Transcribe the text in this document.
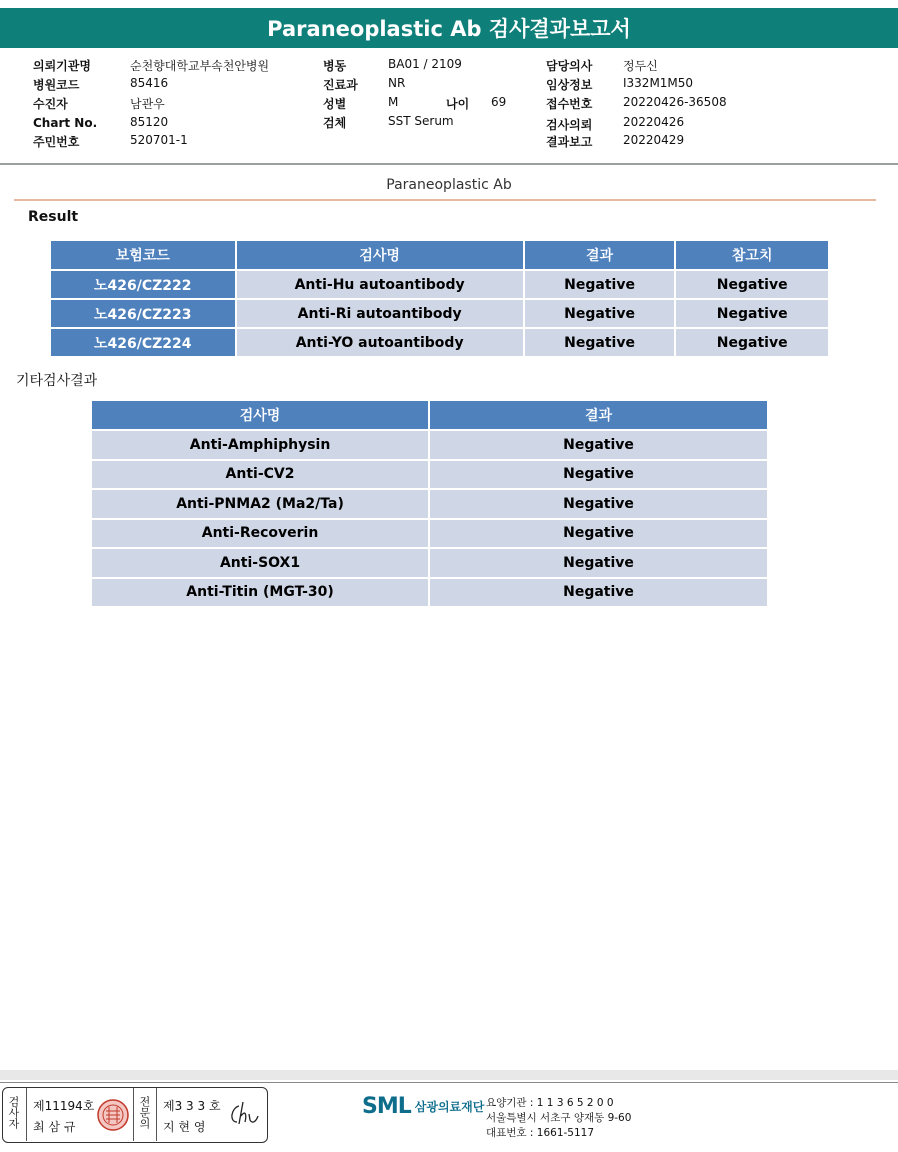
Paraneoplastic Ab 검사결과보고서
의뢰기관명	순천향대학교부속천안병원
병원코드	85416
수진자	남관우
Chart No.	85120
주민번호	520701-1
병동	BA01 / 2109
진료과	NR
성별	M	나이 69
검체	SST Serum
담당의사	정두신
임상정보	I332M1M50
접수번호	20220426-36508
검사의뢰	20220426
결과보고	20220429
Paraneoplastic Ab
Result
보험코드	검사명	결과	참고치
노426/CZ222	Anti-Hu autoantibody	Negative	Negative
노426/CZ223	Anti-Ri autoantibody	Negative	Negative
노426/CZ224	Anti-YO autoantibody	Negative	Negative
기타검사결과
검사명	결과
Anti-Amphiphysin	Negative
Anti-CV2	Negative
Anti-PNMA2 (Ma2/Ta)	Negative
Anti-Recoverin	Negative
Anti-SOX1	Negative
Anti-Titin (MGT-30)	Negative
검사자 제11194호
최 삼 규	전문의 제3 3 3 호
지 현 영
SML 삼광의료재단 요양기관 : 1 1 3 6 5 2 0 0
서울특별시 서초구 양재동 9-60
대표번호 : 1661-5117
